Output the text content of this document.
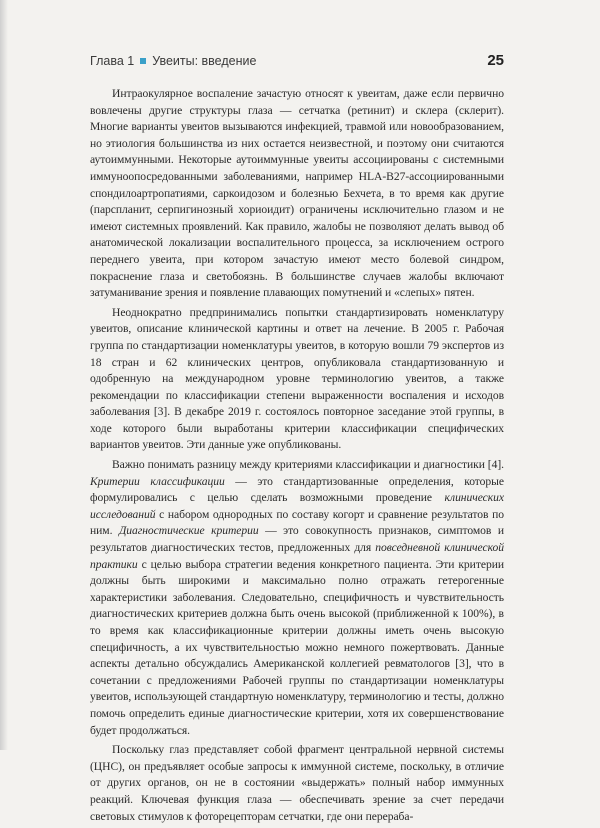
Глава 1 Увеиты: введение	25

Интраокулярное воспаление зачастую относят к увеитам, даже если первично вовлечены другие структуры глаза — сетчатка (ретинит) и склера (склерит). Многие варианты увеитов вызываются инфекцией, травмой или новообразованием, но этиология большинства из них остается неизвестной, и поэтому они считаются аутоиммунными. Некоторые аутоиммунные увеиты ассоциированы с системными иммуноопосредованными заболеваниями, например HLA-B27-ассоциированными спондилоартропатиями, саркоидозом и болезнью Бехчета, в то время как другие (парспланит, серпигинозный хориоидит) ограничены исключительно глазом и не имеют системных проявлений. Как правило, жалобы не позволяют делать вывод об анатомической локализации воспалительного процесса, за исключением острого переднего увеита, при котором зачастую имеют место болевой синдром, покраснение глаза и светобоязнь. В большинстве случаев жалобы включают затуманивание зрения и появление плавающих помутнений и «слепых» пятен.

Неоднократно предпринимались попытки стандартизировать номенклатуру увеитов, описание клинической картины и ответ на лечение. В 2005 г. Рабочая группа по стандартизации номенклатуры увеитов, в которую вошли 79 экспертов из 18 стран и 62 клинических центров, опубликовала стандартизованную и одобренную на международном уровне терминологию увеитов, а также рекомендации по классификации степени выраженности воспаления и исходов заболевания [3]. В декабре 2019 г. состоялось повторное заседание этой группы, в ходе которого были выработаны критерии классификации специфических вариантов увеитов. Эти данные уже опубликованы.

Важно понимать разницу между критериями классификации и диагностики [4]. Критерии классификации — это стандартизованные определения, которые формулировались с целью сделать возможными проведение клинических исследований с набором однородных по составу когорт и сравнение результатов по ним. Диагностические критерии — это совокупность признаков, симптомов и результатов диагностических тестов, предложенных для повседневной клинической практики с целью выбора стратегии ведения конкретного пациента. Эти критерии должны быть широкими и максимально полно отражать гетерогенные характеристики заболевания. Следовательно, специфичность и чувствительность диагностических критериев должна быть очень высокой (приближенной к 100%), в то время как классификационные критерии должны иметь очень высокую специфичность, а их чувствительностью можно немного пожертвовать. Данные аспекты детально обсуждались Американской коллегией ревматологов [3], что в сочетании с предложениями Рабочей группы по стандартизации номенклатуры увеитов, использующей стандартную номенклатуру, терминологию и тесты, должно помочь определить единые диагностические критерии, хотя их совершенствование будет продолжаться.

Поскольку глаз представляет собой фрагмент центральной нервной системы (ЦНС), он предъявляет особые запросы к иммунной системе, поскольку, в отличие от других органов, он не в состоянии «выдержать» полный набор иммунных реакций. Ключевая функция глаза — обеспечивать зрение за счет передачи световых стимулов к фоторецепторам сетчатки, где они перераба-
